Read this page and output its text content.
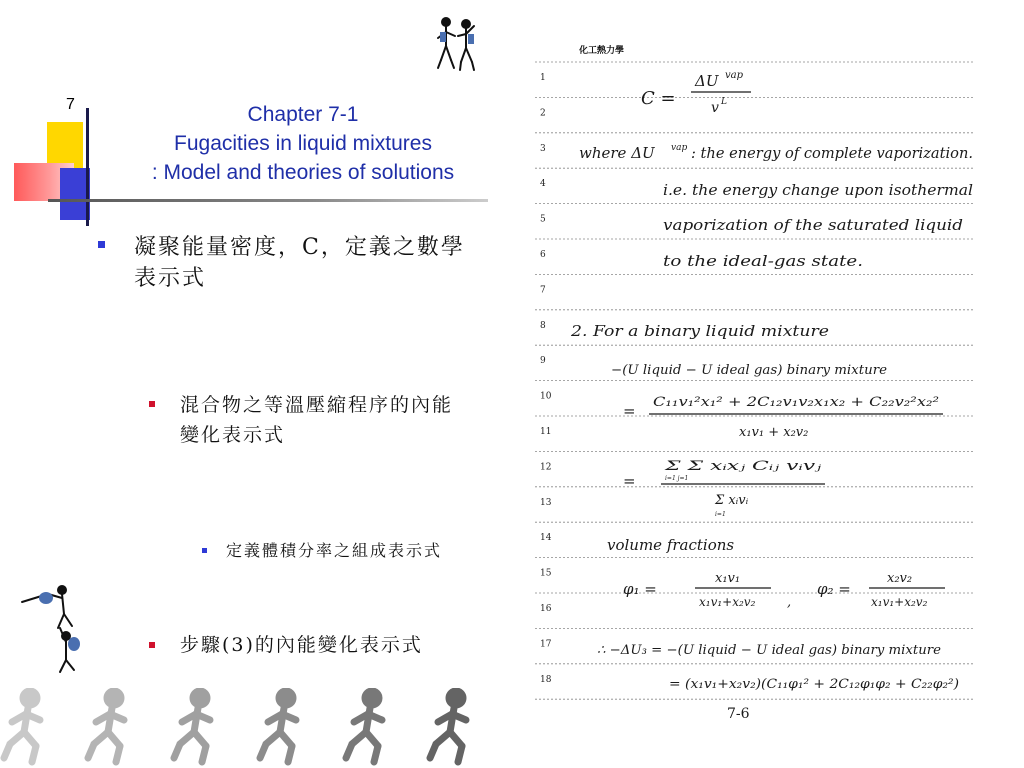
7	Chapter 7-1
Fugacities in liquid mixtures
: Model and theories of solutions
凝聚能量密度，C，定義之數學表示式
混合物之等溫壓縮程序的內能變化表示式
定義體積分率之組成表示式
步驟(3)的內能變化表示式
1
2
3
4
5
6
7
8
9
10
11
12
13
14
15
16
17
18
化工熱力學
C =
ΔU vap
v L
where ΔU vap : the energy of complete vaporization.
i.e. the energy change upon isothermal
vaporization of the saturated liquid
to the ideal-gas state.
2. For a binary liquid mixture
−(U liquid − U ideal gas) binary mixture
= C₁₁v₁²x₁² + 2C₁₂v₁v₂x₁x₂ + C₂₂v₂²x₂²
x₁v₁ + x₂v₂
=
Σ Σ xᵢxⱼ Cᵢⱼ vᵢvⱼ
i=1 j=1
Σ xᵢvᵢ
i=1
volume fractions
φ₁ =
x₁v₁
x₁v₁+x₂v₂ ,
φ₂ =
x₂v₂
x₁v₁+x₂v₂
∴ −ΔU₃ = −(U liquid − U ideal gas) binary mixture
= (x₁v₁+x₂v₂)(C₁₁φ₁² + 2C₁₂φ₁φ₂ + C₂₂φ₂²)
7-6
